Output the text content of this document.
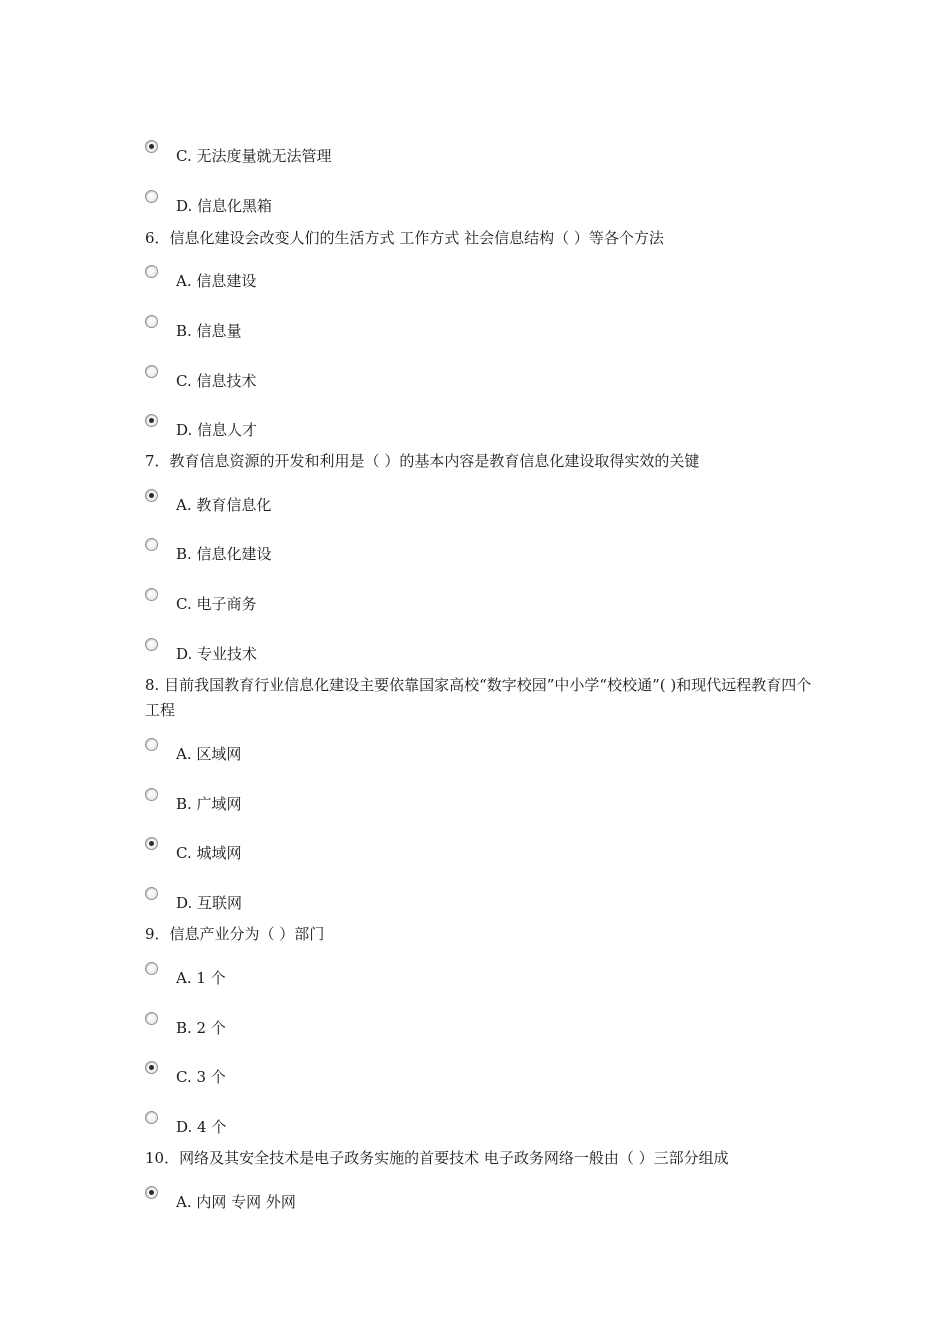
C. 无法度量就无法管理
D. 信息化黑箱
6．信息化建设会改变人们的生活方式 工作方式 社会信息结构（ ）等各个方法
A. 信息建设
B. 信息量
C. 信息技术
D. 信息人才
7．教育信息资源的开发和利用是（ ）的基本内容是教育信息化建设取得实效的关键
A. 教育信息化
B. 信息化建设
C. 电子商务
D. 专业技术
8. 目前我国教育行业信息化建设主要依靠国家高校“数字校园”中小学“校校通”( )和现代远程教育四个工程
A. 区域网
B. 广域网
C. 城域网
D. 互联网
9．信息产业分为（ ）部门
A. 1 个
B. 2 个
C. 3 个
D. 4 个
10．网络及其安全技术是电子政务实施的首要技术 电子政务网络一般由（ ）三部分组成
A. 内网 专网 外网
